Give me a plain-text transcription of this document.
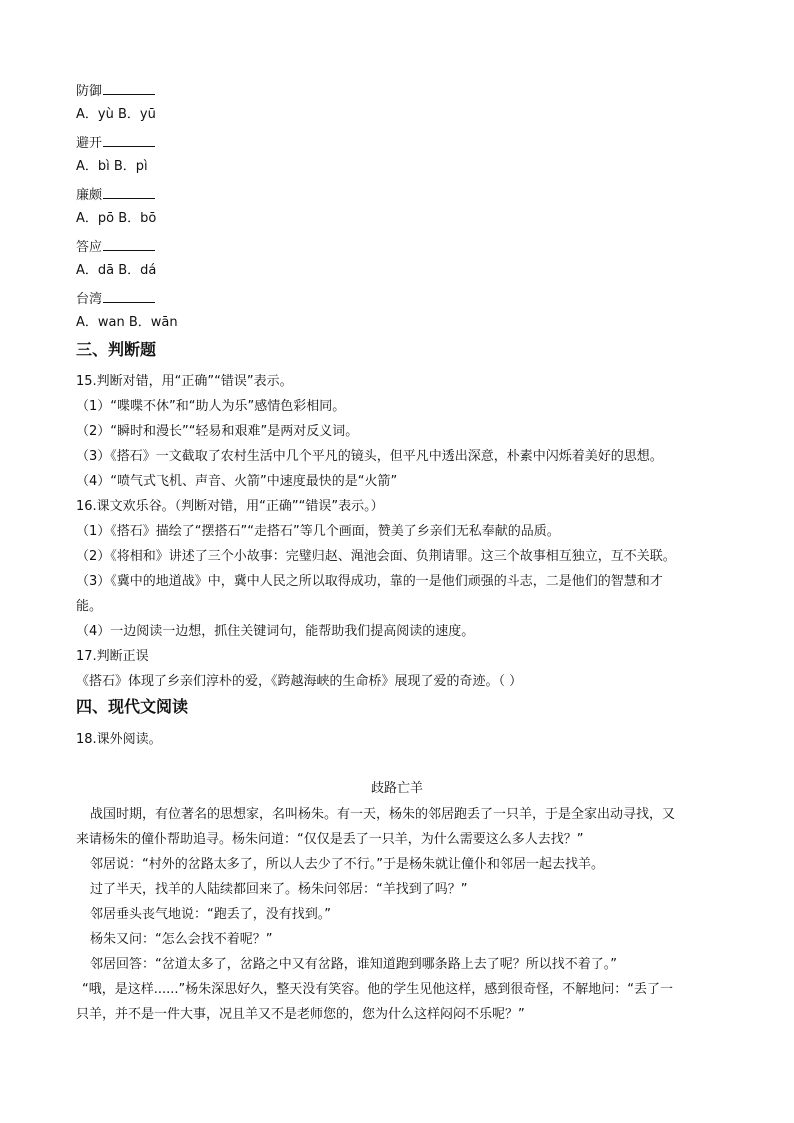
防御
A．yù B．yū
避开
A．bì B．pì
廉颇
A．pō B．bō
答应
A．dā B．dá
台湾
A．wan B．wān
三、判断题
15.判断对错，用“正确”“错误”表示。
（1）“喋喋不休”和“助人为乐”感情色彩相同。
（2）“瞬时和漫长”“轻易和艰难”是两对反义词。
（3）《搭石》一文截取了农村生活中几个平凡的镜头，但平凡中透出深意，朴素中闪烁着美好的思想。
（4）“喷气式飞机、声音、火箭”中速度最快的是“火箭”
16.课文欢乐谷。（判断对错，用“正确”“错误”表示。）
（1）《搭石》描绘了“摆搭石”“走搭石”等几个画面，赞美了乡亲们无私奉献的品质。
（2）《将相和》讲述了三个小故事：完璧归赵、渑池会面、负荆请罪。这三个故事相互独立，互不关联。
（3）《冀中的地道战》中，冀中人民之所以取得成功，靠的一是他们顽强的斗志，二是他们的智慧和才
能。
（4）一边阅读一边想，抓住关键词句，能帮助我们提高阅读的速度。
17.判断正误
《搭石》体现了乡亲们淳朴的爱，《跨越海峡的生命桥》展现了爱的奇迹。（ ）
四、现代文阅读
18.课外阅读。
歧路亡羊
战国时期，有位著名的思想家，名叫杨朱。有一天，杨朱的邻居跑丢了一只羊，于是全家出动寻找，又
来请杨朱的僮仆帮助追寻。杨朱问道：“仅仅是丢了一只羊，为什么需要这么多人去找？”
邻居说：“村外的岔路太多了，所以人去少了不行。”于是杨朱就让僮仆和邻居一起去找羊。
过了半天，找羊的人陆续都回来了。杨朱问邻居：“羊找到了吗？”
邻居垂头丧气地说：“跑丢了，没有找到。”
杨朱又问：“怎么会找不着呢？”
邻居回答：“岔道太多了，岔路之中又有岔路，谁知道跑到哪条路上去了呢？所以找不着了。”
“哦，是这样......”杨朱深思好久，整天没有笑容。他的学生见他这样，感到很奇怪，不解地问：“丢了一
只羊，并不是一件大事，况且羊又不是老师您的，您为什么这样闷闷不乐呢？”
